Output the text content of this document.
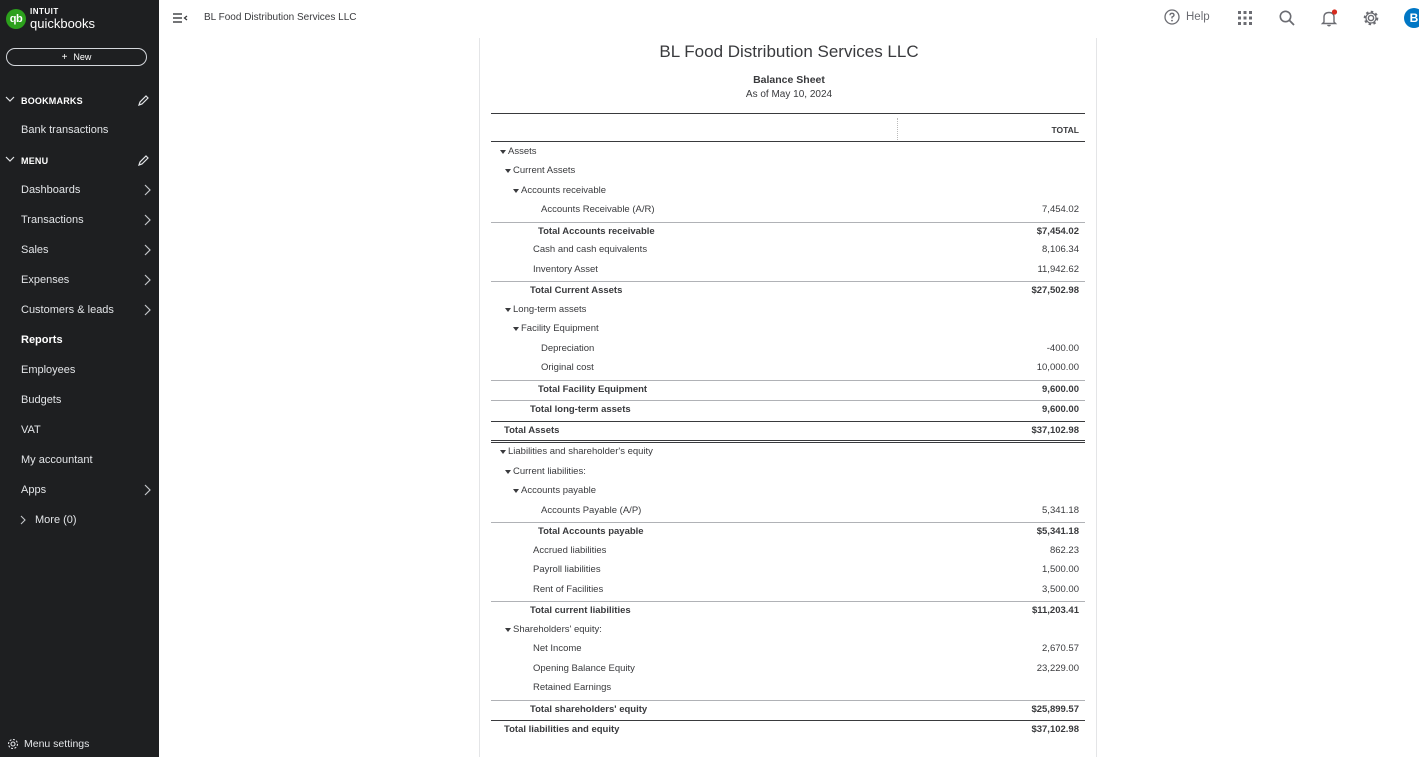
qb
INTUIT
quickbooks
+ New
BOOKMARKS
Bank transactions
MENU
Dashboards
Transactions
Sales
Expenses
Customers & leads
Reports
Employees
Budgets
VAT
My accountant
Apps
More (0)
Menu settings
BL Food Distribution Services LLC	Help	B
BL Food Distribution Services LLC
Balance Sheet
As of May 10, 2024
TOTAL
Assets
Current Assets
Accounts receivable
Accounts Receivable (A/R)	7,454.02
Total Accounts receivable	$7,454.02
Cash and cash equivalents	8,106.34
Inventory Asset	11,942.62
Total Current Assets	$27,502.98
Long-term assets
Facility Equipment
Depreciation	-400.00
Original cost	10,000.00
Total Facility Equipment	9,600.00
Total long-term assets	9,600.00
Total Assets	$37,102.98
Liabilities and shareholder's equity
Current liabilities:
Accounts payable
Accounts Payable (A/P)	5,341.18
Total Accounts payable	$5,341.18
Accrued liabilities	862.23
Payroll liabilities	1,500.00
Rent of Facilities	3,500.00
Total current liabilities	$11,203.41
Shareholders' equity:
Net Income	2,670.57
Opening Balance Equity	23,229.00
Retained Earnings
Total shareholders' equity	$25,899.57
Total liabilities and equity	$37,102.98
